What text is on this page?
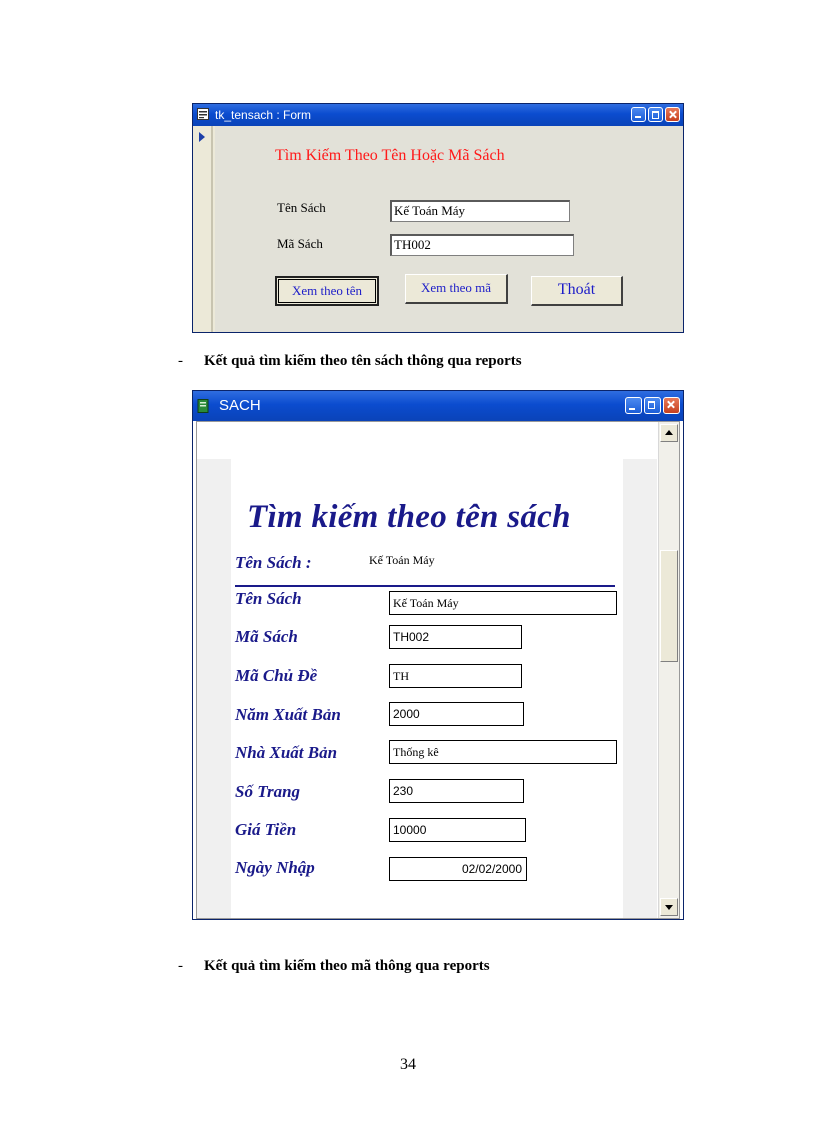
tk_tensach : Form
Tìm Kiếm Theo Tên Hoặc Mã Sách
Tên Sách	Kế Toán Máy
Mã Sách	TH002
Xem theo tên	Xem theo mã	Thoát
- Kết quả tìm kiếm theo tên sách thông qua reports
SACH
Tìm kiếm theo tên sách
Tên Sách :	Kế Toán Máy
Tên Sách	Kế Toán Máy
Mã Sách	TH002
Mã Chủ Đề	TH
Năm Xuất Bản	2000
Nhà Xuất Bản	Thống kê
Số Trang	230
Giá Tiền	10000
Ngày Nhập	02/02/2000
- Kết quả tìm kiếm theo mã thông qua reports
34
